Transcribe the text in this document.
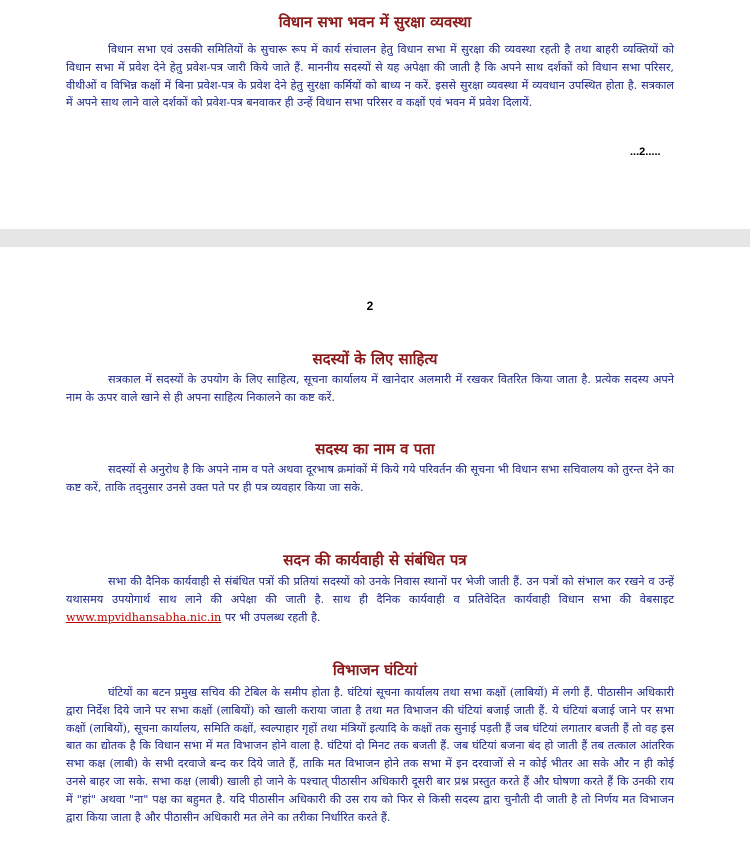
विधान सभा भवन में सुरक्षा व्यवस्था

विधान सभा एवं उसकी समितियों के सुचारू रूप में कार्य संचालन हेतु विधान सभा में सुरक्षा की व्यवस्था रहती है तथा बाहरी व्यक्तियों को विधान सभा में प्रवेश देने हेतु प्रवेश-पत्र जारी किये जाते हैं. माननीय सदस्यों से यह अपेक्षा की जाती है कि अपने साथ दर्शकों को विधान सभा परिसर, वीथीओं व विभिन्न कक्षों में बिना प्रवेश-पत्र के प्रवेश देने हेतु सुरक्षा कर्मियों को बाध्य न करें. इससे सुरक्षा व्यवस्था में व्यवधान उपस्थित होता है. सत्रकाल में अपने साथ लाने वाले दर्शकों को प्रवेश-पत्र बनवाकर ही उन्हें विधान सभा परिसर व कक्षों एवं भवन में प्रवेश दिलायें.

...2.....
2
सदस्यों के लिए साहित्य

सत्रकाल में सदस्यों के उपयोग के लिए साहित्य, सूचना कार्यालय में खानेदार अलमारी में रखकर वितरित किया जाता है. प्रत्येक सदस्य अपने नाम के ऊपर वाले खाने से ही अपना साहित्य निकालने का कष्ट करें.

सदस्य का नाम व पता

सदस्यों से अनुरोध है कि अपने नाम व पते अथवा दूरभाष क्रमांकों में किये गये परिवर्तन की सूचना भी विधान सभा सचिवालय को तुरन्त देने का कष्ट करें, ताकि तद्नुसार उनसे उक्त पते पर ही पत्र व्यवहार किया जा सके.

सदन की कार्यवाही से संबंधित पत्र

सभा की दैनिक कार्यवाही से संबंधित पत्रों की प्रतियां सदस्यों को उनके निवास स्थानों पर भेजी जाती हैं. उन पत्रों को संभाल कर रखने व उन्हें यथासमय उपयोगार्थ साथ लाने की अपेक्षा की जाती है. साथ ही दैनिक कार्यवाही व प्रतिवेदित कार्यवाही विधान सभा की वेबसाइट www.mpvidhansabha.nic.in पर भी उपलब्ध रहती है.

विभाजन घंटियां

घंटियों का बटन प्रमुख सचिव की टेबिल के समीप होता है. घंटियां सूचना कार्यालय तथा सभा कक्षों (लाबियों) में लगी हैं. पीठासीन अधिकारी द्वारा निर्देश दिये जाने पर सभा कक्षों (लाबियों) को खाली कराया जाता है तथा मत विभाजन की घंटियां बजाई जाती हैं. ये घंटियां बजाई जाने पर सभा कक्षों (लाबियों), सूचना कार्यालय, समिति कक्षों, स्वल्पाहार गृहों तथा मंत्रियों इत्यादि के कक्षों तक सुनाई पड़ती हैं जब घंटियां लगातार बजती हैं तो वह इस बात का द्योतक है कि विधान सभा में मत विभाजन होने वाला है. घंटियां दो मिनट तक बजती हैं. जब घंटियां बजना बंद हो जाती हैं तब तत्काल आंतरिक सभा कक्ष (लाबी) के सभी दरवाजे बन्द कर दिये जाते हैं, ताकि मत विभाजन होने तक सभा में इन दरवाजों से न कोई भीतर आ सके और न ही कोई उनसे बाहर जा सके. सभा कक्ष (लाबी) खाली हो जाने के पश्चात् पीठासीन अधिकारी दूसरी बार प्रश्न प्रस्तुत करते हैं और घोषणा करते हैं कि उनकी राय में "हां" अथवा "ना" पक्ष का बहुमत है. यदि पीठासीन अधिकारी की उस राय को फिर से किसी सदस्य द्वारा चुनौती दी जाती है तो निर्णय मत विभाजन द्वारा किया जाता है और पीठासीन अधिकारी मत लेने का तरीका निर्धारित करते हैं.
